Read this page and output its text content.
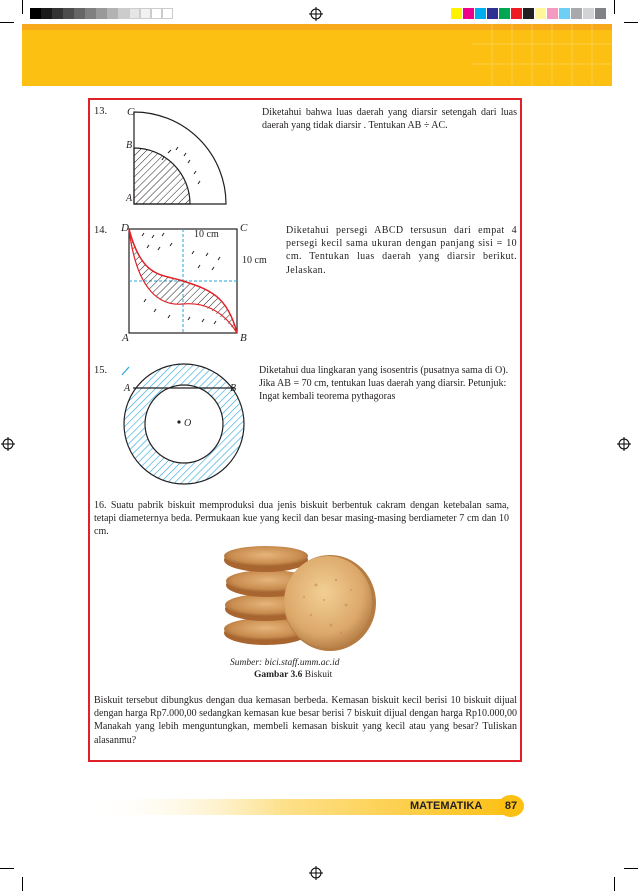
13. C
B
A
Diketahui bahwa luas daerah yang diarsir setengah dari luas daerah yang tidak diarsir . Tentukan AB ÷ AC.
14. D	C
A	B
10 cm
10 cm
Diketahui persegi ABCD tersusun dari empat 4 persegi kecil sama ukuran dengan panjang sisi = 10 cm. Tentukan luas daerah yang diarsir berikut. Jelaskan.
15.
A	B
O
Diketahui dua lingkaran yang isosentris (pusatnya sama di O). Jika AB = 70 cm, tentukan luas daerah yang diarsir. Petunjuk: Ingat kembali teorema pythagoras
16. Suatu pabrik biskuit memproduksi dua jenis biskuit berbentuk cakram dengan ketebalan sama, tetapi diameternya beda. Permukaan kue yang kecil dan besar masing-masing berdiameter 7 cm dan 10 cm.
Sumber: bici.staff.umm.ac.id
Gambar 3.6 Biskuit
Biskuit tersebut dibungkus dengan dua kemasan berbeda. Kemasan biskuit kecil berisi 10 biskuit dijual dengan harga Rp7.000,00 sedangkan kemasan kue besar berisi 7 biskuit dijual dengan harga Rp10.000,00 Manakah yang lebih menguntungkan, membeli kemasan biskuit yang kecil atau yang besar? Tuliskan alasanmu?
MATEMATIKA	87
